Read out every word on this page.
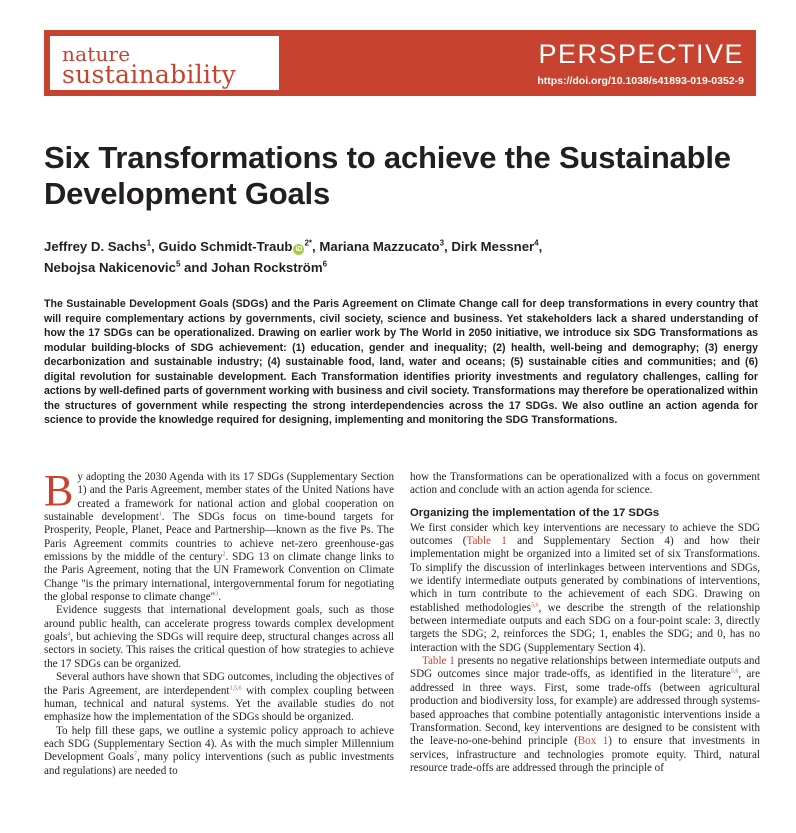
nature
sustainability
PERSPECTIVE
https://doi.org/10.1038/s41893-019-0352-9
Six Transformations to achieve the Sustainable Development Goals
Jeffrey D. Sachs$^1$, Guido Schmidt-Traub $iD^{2*}$, Mariana Mazzucato$^3$, Dirk Messner$^4$,
Nebojsa Nakicenovic$^5$ and Johan Rockström$^6$
The Sustainable Development Goals (SDGs) and the Paris Agreement on Climate Change call for deep transformations in every country that will require complementary actions by governments, civil society, science and business. Yet stakeholders lack a shared understanding of how the 17 SDGs can be operationalized. Drawing on earlier work by The World in 2050 initiative, we introduce six SDG Transformations as modular building-blocks of SDG achievement: (1) education, gender and inequality; (2) health, well-being and demography; (3) energy decarbonization and sustainable industry; (4) sustainable food, land, water and oceans; (5) sustainable cities and communities; and (6) digital revolution for sustainable development. Each Transformation identifies priority investments and regulatory challenges, calling for actions by well-defined parts of government working with business and civil society. Transformations may therefore be operationalized within the structures of government while respecting the strong interdependencies across the 17 SDGs. We also outline an action agenda for science to provide the knowledge required for designing, implementing and monitoring the SDG Transformations.

By adopting the 2030 Agenda with its 17 SDGs (Supplementary Section 1) and the Paris Agreement, member states of the United Nations have created a framework for national action and global cooperation on sustainable development$^1$. The SDGs focus on time-bound targets for Prosperity, People, Planet, Peace and Partnership—known as the five Ps. The Paris Agreement commits countries to achieve net-zero greenhouse-gas emissions by the middle of the century$^2$. SDG 13 on climate change links to the Paris Agreement, noting that the UN Framework Convention on Climate Change "is the primary international, intergovernmental forum for negotiating the global response to climate change"$^3$.

Evidence suggests that international development goals, such as those around public health, can accelerate progress towards complex development goals$^4$, but achieving the SDGs will require deep, structural changes across all sectors in society. This raises the critical question of how strategies to achieve the 17 SDGs can be organized.

Several authors have shown that SDG outcomes, including the objectives of the Paris Agreement, are interdependent$^{1,5,6}$ with complex coupling between human, technical and natural systems. Yet the available studies do not emphasize how the implementation of the SDGs should be organized.

To help fill these gaps, we outline a systemic policy approach to achieve each SDG (Supplementary Section 4). As with the much simpler Millennium Development Goals$^7$, many policy interventions (such as public investments and regulations) are needed to

how the Transformations can be operationalized with a focus on government action and conclude with an action agenda for science.

Organizing the implementation of the 17 SDGs

We first consider which key interventions are necessary to achieve the SDG outcomes (Table 1 and Supplementary Section 4) and how their implementation might be organized into a limited set of six Transformations. To simplify the discussion of interlinkages between interventions and SDGs, we identify intermediate outputs generated by combinations of interventions, which in turn contribute to the achievement of each SDG. Drawing on established methodologies$^{5,6}$, we describe the strength of the relationship between intermediate outputs and each SDG on a four-point scale: 3, directly targets the SDG; 2, reinforces the SDG; 1, enables the SDG; and 0, has no interaction with the SDG (Supplementary Section 4).

Table 1 presents no negative relationships between intermediate outputs and SDG outcomes since major trade-offs, as identified in the literature$^{5,6}$, are addressed in three ways. First, some trade-offs (between agricultural production and biodiversity loss, for example) are addressed through systems-based approaches that combine potentially antagonistic interventions inside a Transformation. Second, key interventions are designed to be consistent with the leave-no-one-behind principle (Box 1) to ensure that investments in services, infrastructure and technologies promote equity. Third, natural resource trade-offs are addressed through the principle of
